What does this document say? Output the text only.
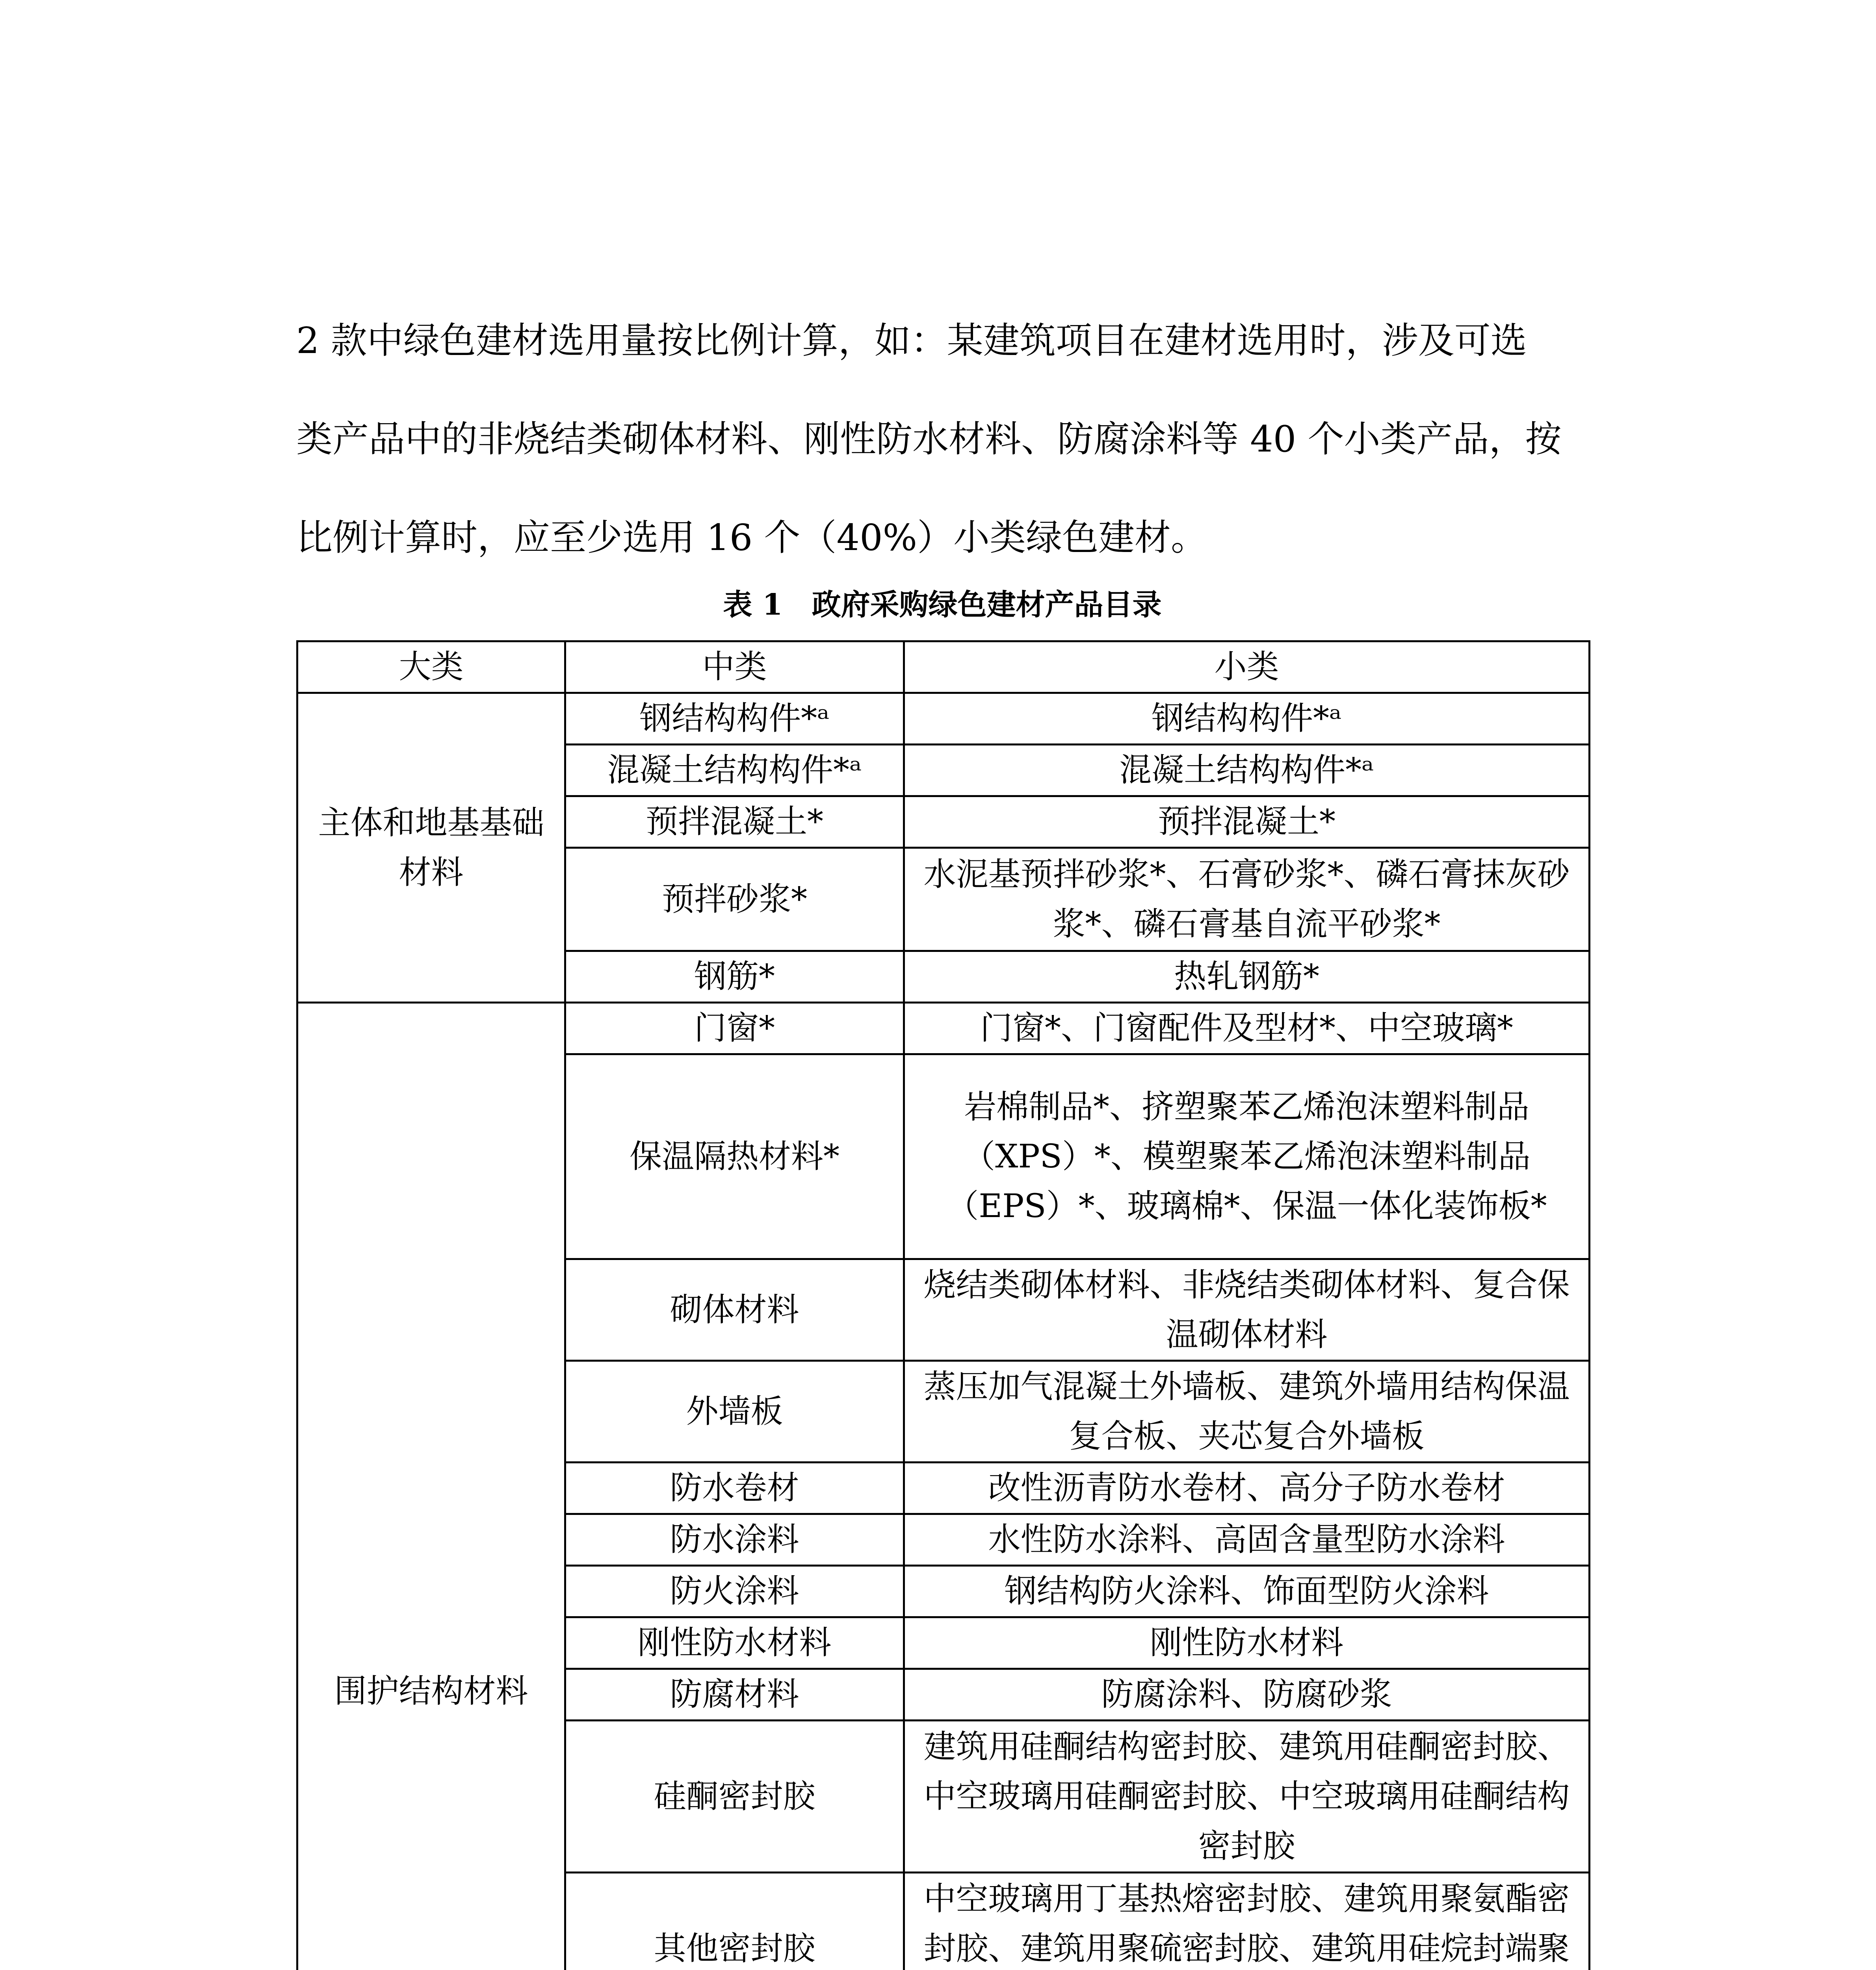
2 款中绿色建材选用量按比例计算，如：某建筑项目在建材选用时，涉及可选

类产品中的非烧结类砌体材料、刚性防水材料、防腐涂料等 40 个小类产品，按

比例计算时，应至少选用 16 个（40%）小类绿色建材。

表 1　政府采购绿色建材产品目录
大类	中类	小类
主体和地基基础材料	钢结构构件*ᵃ	钢结构构件*ᵃ
	混凝土结构构件*ᵃ	混凝土结构构件*ᵃ
	预拌混凝土*	预拌混凝土*
	预拌砂浆*	水泥基预拌砂浆*、石膏砂浆*、磷石膏抹灰砂浆*、磷石膏基自流平砂浆*
	钢筋*	热轧钢筋*
围护结构材料	门窗*	门窗*、门窗配件及型材*、中空玻璃*
	保温隔热材料*	岩棉制品*、挤塑聚苯乙烯泡沫塑料制品（XPS）*、模塑聚苯乙烯泡沫塑料制品（EPS）*、玻璃棉*、保温一体化装饰板*
	砌体材料	烧结类砌体材料、非烧结类砌体材料、复合保温砌体材料
	外墙板	蒸压加气混凝土外墙板、建筑外墙用结构保温复合板、夹芯复合外墙板
	防水卷材	改性沥青防水卷材、高分子防水卷材
	防水涂料	水性防水涂料、高固含量型防水涂料
	防火涂料	钢结构防火涂料、饰面型防火涂料
	刚性防水材料	刚性防水材料
	防腐材料	防腐涂料、防腐砂浆
	硅酮密封胶	建筑用硅酮结构密封胶、建筑用硅酮密封胶、中空玻璃用硅酮密封胶、中空玻璃用硅酮结构密封胶
	其他密封胶	中空玻璃用丁基热熔密封胶、建筑用聚氨酯密封胶、建筑用聚硫密封胶、建筑用硅烷封端聚
